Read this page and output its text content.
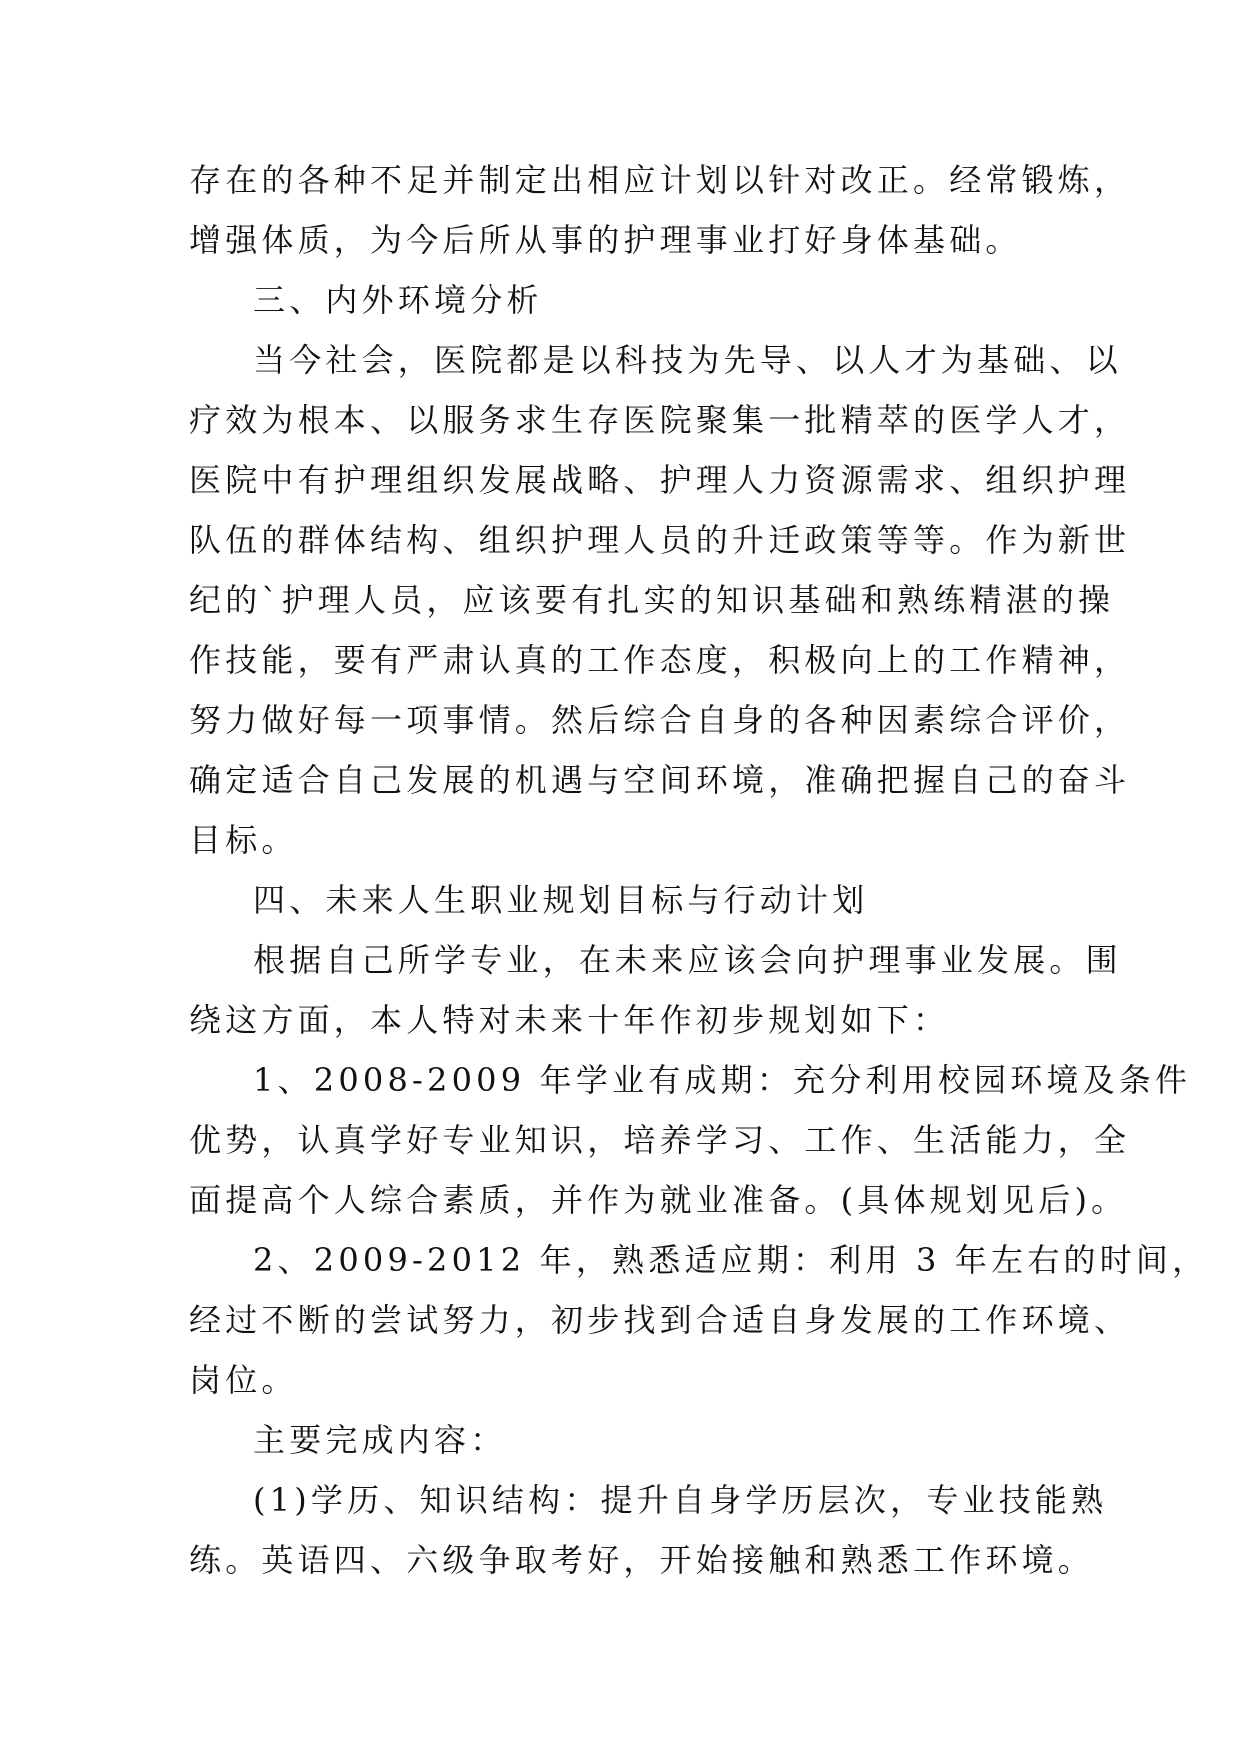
存在的各种不足并制定出相应计划以针对改正。经常锻炼，
增强体质，为今后所从事的护理事业打好身体基础。
三、内外环境分析
当今社会，医院都是以科技为先导、以人才为基础、以
疗效为根本、以服务求生存医院聚集一批精萃的医学人才，
医院中有护理组织发展战略、护理人力资源需求、组织护理
队伍的群体结构、组织护理人员的升迁政策等等。作为新世
纪的`护理人员，应该要有扎实的知识基础和熟练精湛的操
作技能，要有严肃认真的工作态度，积极向上的工作精神，
努力做好每一项事情。然后综合自身的各种因素综合评价，
确定适合自己发展的机遇与空间环境，准确把握自己的奋斗
目标。
四、未来人生职业规划目标与行动计划
根据自己所学专业，在未来应该会向护理事业发展。围
绕这方面，本人特对未来十年作初步规划如下：
1、2008-2009 年学业有成期：充分利用校园环境及条件
优势，认真学好专业知识，培养学习、工作、生活能力，全
面提高个人综合素质，并作为就业准备。(具体规划见后)。
2、2009-2012 年，熟悉适应期：利用 3 年左右的时间，
经过不断的尝试努力，初步找到合适自身发展的工作环境、
岗位。
主要完成内容：
(1)学历、知识结构：提升自身学历层次，专业技能熟
练。英语四、六级争取考好，开始接触和熟悉工作环境。
